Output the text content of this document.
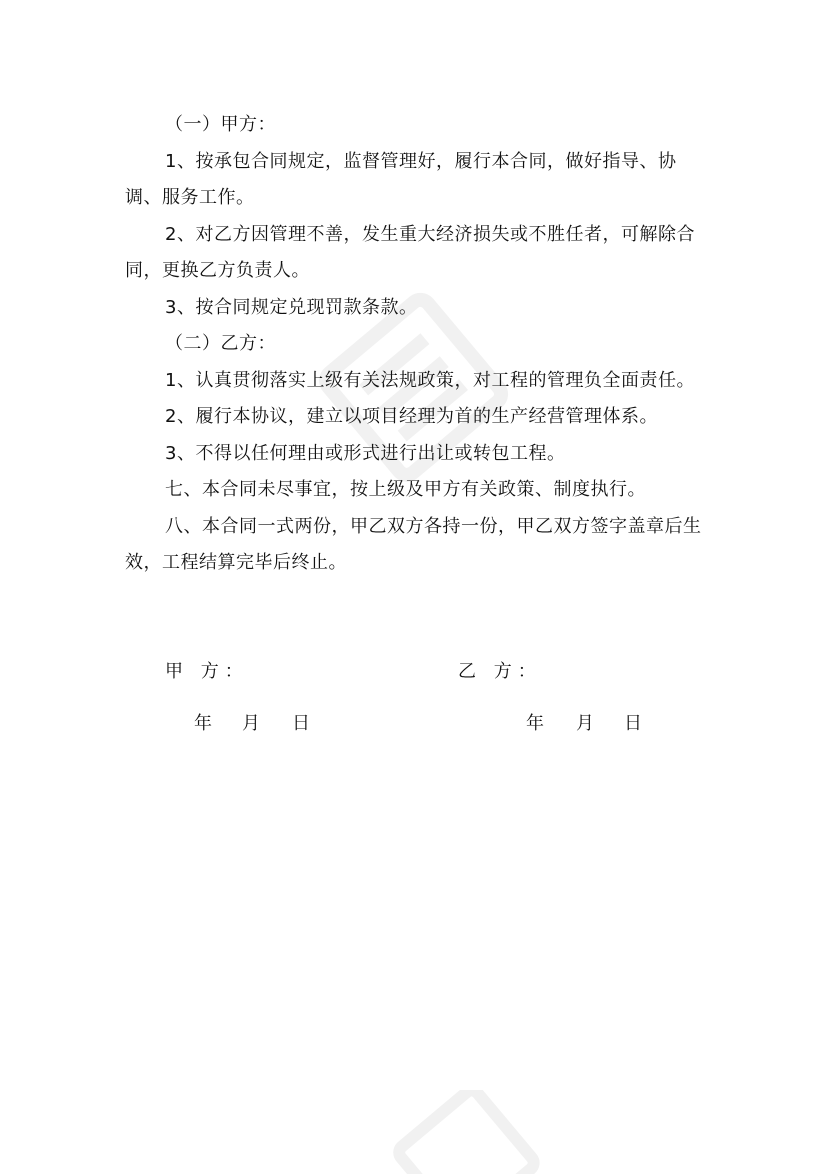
（一）甲方：

1、按承包合同规定，监督管理好，履行本合同，做好指导、协调、服务工作。

2、对乙方因管理不善，发生重大经济损失或不胜任者，可解除合同，更换乙方负责人。

3、按合同规定兑现罚款条款。

（二）乙方：

1、认真贯彻落实上级有关法规政策，对工程的管理负全面责任。

2、履行本协议，建立以项目经理为首的生产经营管理体系。

3、不得以任何理由或形式进行出让或转包工程。

七、本合同未尽事宜，按上级及甲方有关政策、制度执行。

八、本合同一式两份，甲乙双方各持一份，甲乙双方签字盖章后生效，工程结算完毕后终止。

甲 方：	乙 方：
年 月 日	年 月 日
